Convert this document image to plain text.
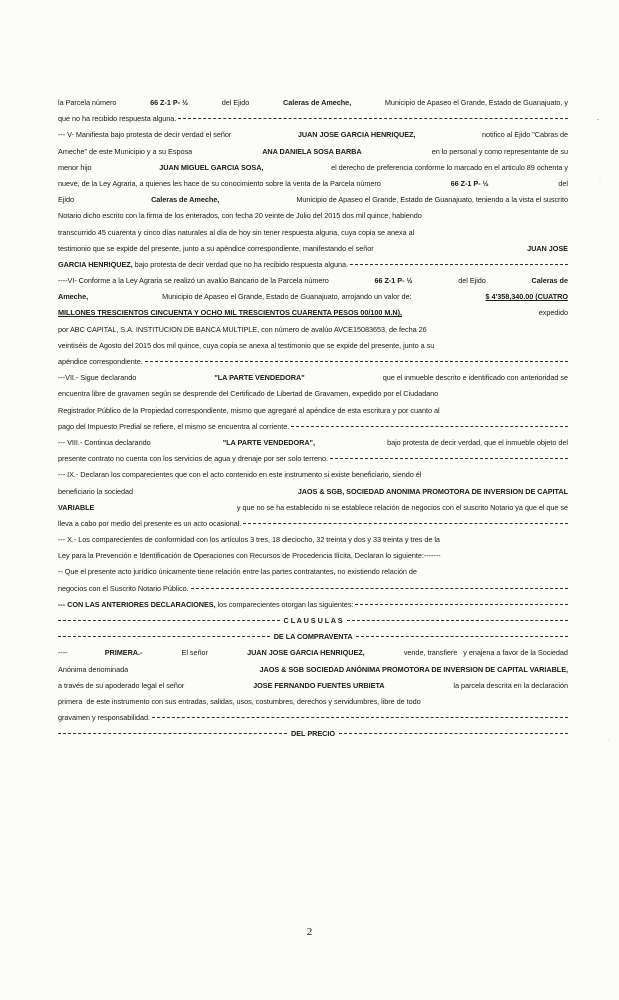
la Parcela número	66 Z-1 P- ½	del Ejido	Caleras de Ameche,	Municipio de Apaseo el Grande, Estado de Guanajuato, y
que no ha recibido respuesta alguna.
--- V- Manifiesta bajo protesta de decir verdad el señor	JUAN JOSE GARCIA HENRIQUEZ,	notifico al Ejido "Cabras de
Ameche" de este Municipio y a su Esposa	ANA DANIELA SOSA BARBA	en lo personal y como representante de su
menor hijo	JUAN MIGUEL GARCIA SOSA,	el derecho de preferencia conforme lo marcado en el articulo 89 ochenta y
nueve, de la Ley Agraria, a quienes les hace de su conocimiento sobre la venta de la Parcela número	66 Z-1 P- ½	del
Ejido	Caleras de Ameche,	Municipio de Apaseo el Grande, Estado de Guanajuato, teniendo a la vista el suscrito
Notario dicho escrito con la firma de los enterados, con fecha 20 veinte de Julio del 2015 dos mil quince, habiendo
transcurrido 45 cuarenta y cinco días naturales al día de hoy sin tener respuesta alguna, cuya copia se anexa al
testimonio que se expide del presente, junto a su apéndice correspondiente, manifestando el señor	JUAN JOSE
GARCIA HENRIQUEZ, bajo protesta de decir verdad que no ha recibido respuesta alguna.
----VI- Conforme a la Ley Agraria se realizó un avalúo Bancario de la Parcela número	66 Z-1 P- ½	del Ejido	Caleras de
Ameche,	Municipio de Apaseo el Grande, Estado de Guanajuato, arrojando un valor de:	$ 4'358,340.00 (CUATRO
MILLONES TRESCIENTOS CINCUENTA Y OCHO MIL TRESCIENTOS CUARENTA PESOS 00/100 M.N),	expedido
por ABC CAPITAL, S.A. INSTITUCION DE BANCA MULTIPLE, con número de avalúo AVCE15083653, de fecha 26
veintiséis de Agosto del 2015 dos mil quince, cuya copia se anexa al testimonio que se expide del presente, junto a su
apéndice correspondiente.
---VII.- Sigue declarando	"LA PARTE VENDEDORA"	que el inmueble descrito e identificado con anterioridad se
encuentra libre de gravamen según se desprende del Certificado de Libertad de Gravamen, expedido por el Ciudadano
Registrador Público de la Propiedad correspondiente, mismo que agregaré al apéndice de esta escritura y por cuanto al
pago del Impuesto Predial se refiere, el mismo se encuentra al corriente.
--- VIII.- Continua declarando	"LA PARTE VENDEDORA",	bajo protesta de decir verdad, que el inmueble objeto del
presente contrato no cuenta con los servicios de agua y drenaje por ser solo terreno.
--- IX.- Declaran los comparecientes que con el acto contenido en este instrumento si existe beneficiario, siendo él
beneficiario la sociedad	JAOS & SGB, SOCIEDAD ANONIMA PROMOTORA DE INVERSION DE CAPITAL
VARIABLE	y que no se ha establecido ni se establece relación de negocios con el suscrito Notario ya que el que se
lleva a cabo por medio del presente es un acto ocasional.
--- X.- Los comparecientes de conformidad con los artículos 3 tres, 18 dieciocho, 32 treinta y dos y 33 treinta y tres de la
Ley para la Prevención e Identificación de Operaciones con Recursos de Procedencia Ilícita, Declaran lo siguiente:-------
-- Que el presente acto jurídico únicamente tiene relación entre las partes contratantes, no existiendo relación de
negocios con el Suscrito Notario Público.
--- CON LAS ANTERIORES DECLARACIONES, los comparecientes otorgan las siguientes:
C L A U S U L A S
DE LA COMPRAVENTA
----	PRIMERA.-	El señor	JUAN JOSE GARCIA HENRIQUEZ,	vende, transfiere   y enajena a favor de la Sociedad
Anónima denominada	JAOS & SGB SOCIEDAD ANÓNIMA PROMOTORA DE INVERSION DE CAPITAL VARIABLE,
a través de su apoderado legal el señor	JOSE FERNANDO FUENTES URBIETA	la parcela descrita en la declaración
primera  de este instrumento con sus entradas, salidas, usos, costumbres, derechos y servidumbres, libre de todo
gravamen y responsabilidad.
DEL PRECIO
-
·
·
2
